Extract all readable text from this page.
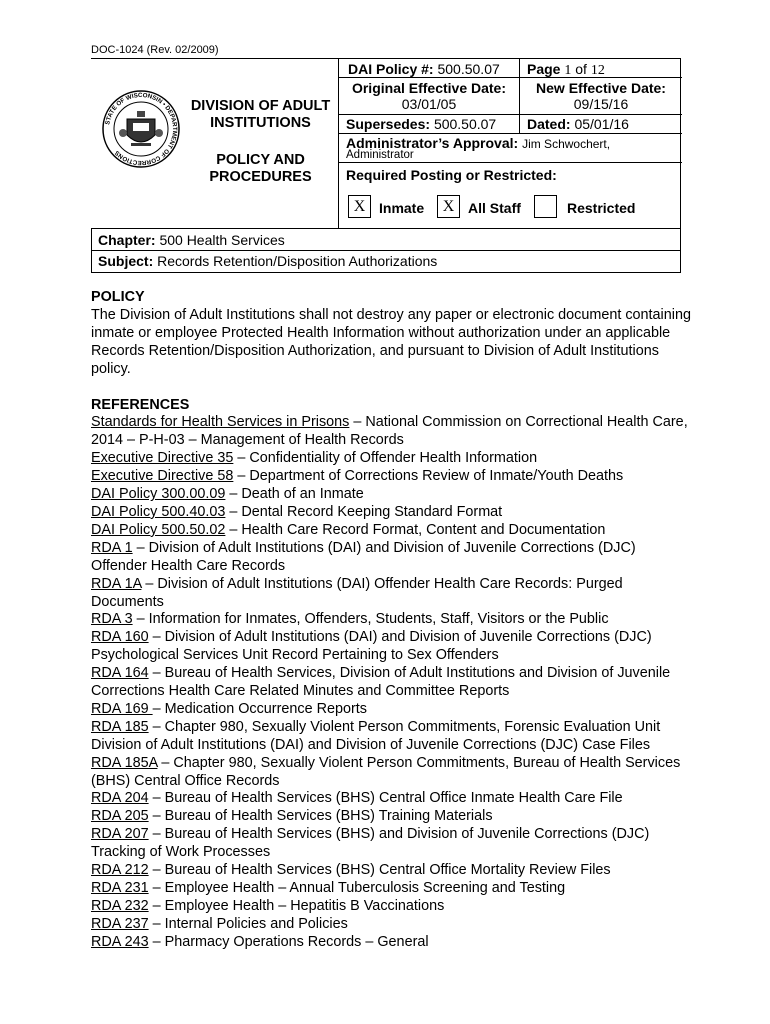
DOC-1024 (Rev. 02/2009)
STATE OF WISCONSIN • DEPARTMENT OF CORRECTIONS
DIVISION OF ADULT INSTITUTIONS
POLICY AND PROCEDURES
DAI Policy #: 500.50.07 Page 1 of 12
Original Effective Date:
03/01/05
New Effective Date:
09/15/16
Supersedes: 500.50.07 Dated: 05/01/16
Administrator’s Approval: Jim Schwochert,
Administrator
Required Posting or Restricted:
X Inmate	X All Staff	Restricted
Chapter: 500 Health Services
Subject: Records Retention/Disposition Authorizations
POLICY

The Division of Adult Institutions shall not destroy any paper or electronic document containing inmate or employee Protected Health Information without authorization under an applicable Records Retention/Disposition Authorization, and pursuant to Division of Adult Institutions policy.

REFERENCES

Standards for Health Services in Prisons – National Commission on Correctional Health Care, 2014 – P-H-03 – Management of Health Records

Executive Directive 35 – Confidentiality of Offender Health Information

Executive Directive 58 – Department of Corrections Review of Inmate/Youth Deaths

DAI Policy 300.00.09 – Death of an Inmate

DAI Policy 500.40.03 – Dental Record Keeping Standard Format

DAI Policy 500.50.02 – Health Care Record Format, Content and Documentation

RDA 1 – Division of Adult Institutions (DAI) and Division of Juvenile Corrections (DJC) Offender Health Care Records

RDA 1A – Division of Adult Institutions (DAI) Offender Health Care Records: Purged Documents

RDA 3 – Information for Inmates, Offenders, Students, Staff, Visitors or the Public

RDA 160 – Division of Adult Institutions (DAI) and Division of Juvenile Corrections (DJC) Psychological Services Unit Record Pertaining to Sex Offenders

RDA 164 – Bureau of Health Services, Division of Adult Institutions and Division of Juvenile Corrections Health Care Related Minutes and Committee Reports

RDA 169 – Medication Occurrence Reports

RDA 185 – Chapter 980, Sexually Violent Person Commitments, Forensic Evaluation Unit Division of Adult Institutions (DAI) and Division of Juvenile Corrections (DJC) Case Files

RDA 185A – Chapter 980, Sexually Violent Person Commitments, Bureau of Health Services (BHS) Central Office Records

RDA 204 – Bureau of Health Services (BHS) Central Office Inmate Health Care File

RDA 205 – Bureau of Health Services (BHS) Training Materials

RDA 207 – Bureau of Health Services (BHS) and Division of Juvenile Corrections (DJC) Tracking of Work Processes

RDA 212 – Bureau of Health Services (BHS) Central Office Mortality Review Files

RDA 231 – Employee Health – Annual Tuberculosis Screening and Testing

RDA 232 – Employee Health – Hepatitis B Vaccinations

RDA 237 – Internal Policies and Policies

RDA 243 – Pharmacy Operations Records – General
